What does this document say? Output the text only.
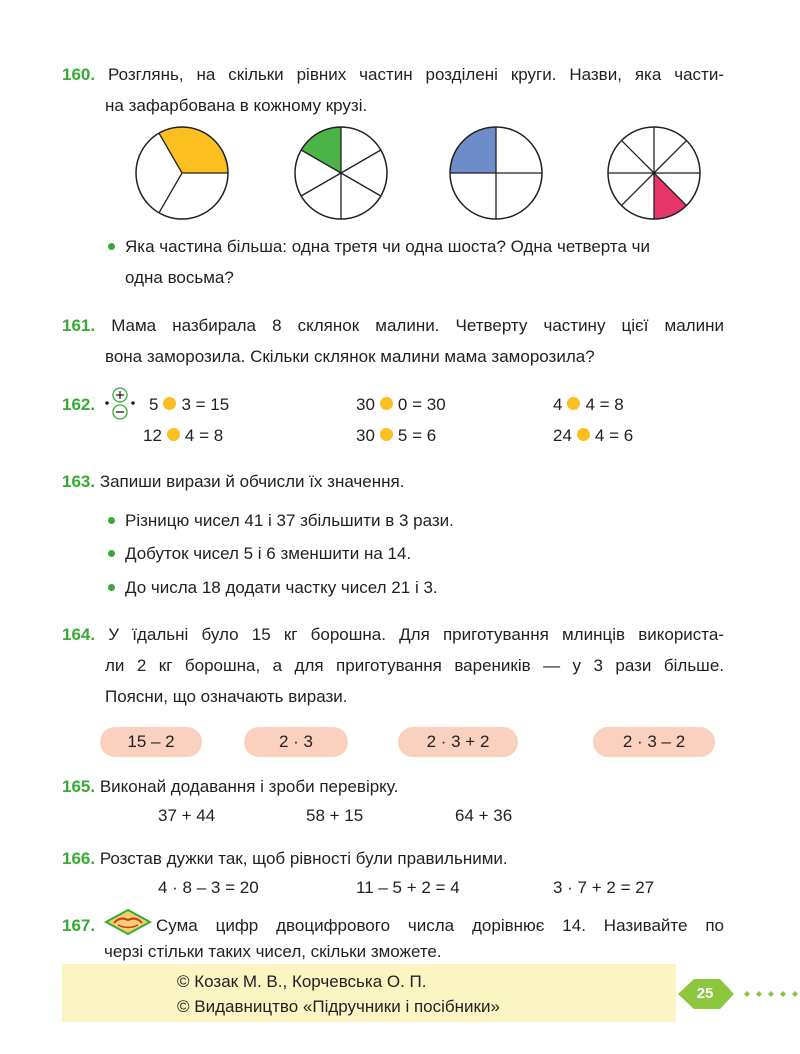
160. Розглянь, на скільки рівних частин розділені круги. Назви, яка части-
на зафарбована в кожному крузі.
Яка частина більша: одна третя чи одна шоста? Одна четверта чи
одна восьма?
161. Мама назбирала 8 склянок малини. Четверту частину цієї малини
вона заморозила. Скільки склянок малини мама заморозила?
162.	5 3 = 15	30 0 = 30	4 4 = 8
12 4 = 8	30 5 = 6	24 4 = 6
163. Запиши вирази й обчисли їх значення.
Різницю чисел 41 і 37 збільшити в 3 рази.
Добуток чисел 5 і 6 зменшити на 14.
До числа 18 додати частку чисел 21 і 3.
164. У їдальні було 15 кг борошна. Для приготування млинців використа-
ли 2 кг борошна, а для приготування вареників — у 3 рази більше.
Поясни, що означають вирази.
15 – 2	2 · 3	2 · 3 + 2	2 · 3 – 2
165. Виконай додавання і зроби перевірку.
37 + 44	58 + 15	64 + 36
166. Розстав дужки так, щоб рівності були правильними.
4 · 8 – 3 = 20	11 – 5 + 2 = 4	3 · 7 + 2 = 27
167.	Сума цифр двоцифрового числа дорівнює 14. Називайте по
черзі стільки таких чисел, скільки зможете.
© Козак М. В., Корчевська О. П.
© Видавництво «Підручники і посібники»
25
